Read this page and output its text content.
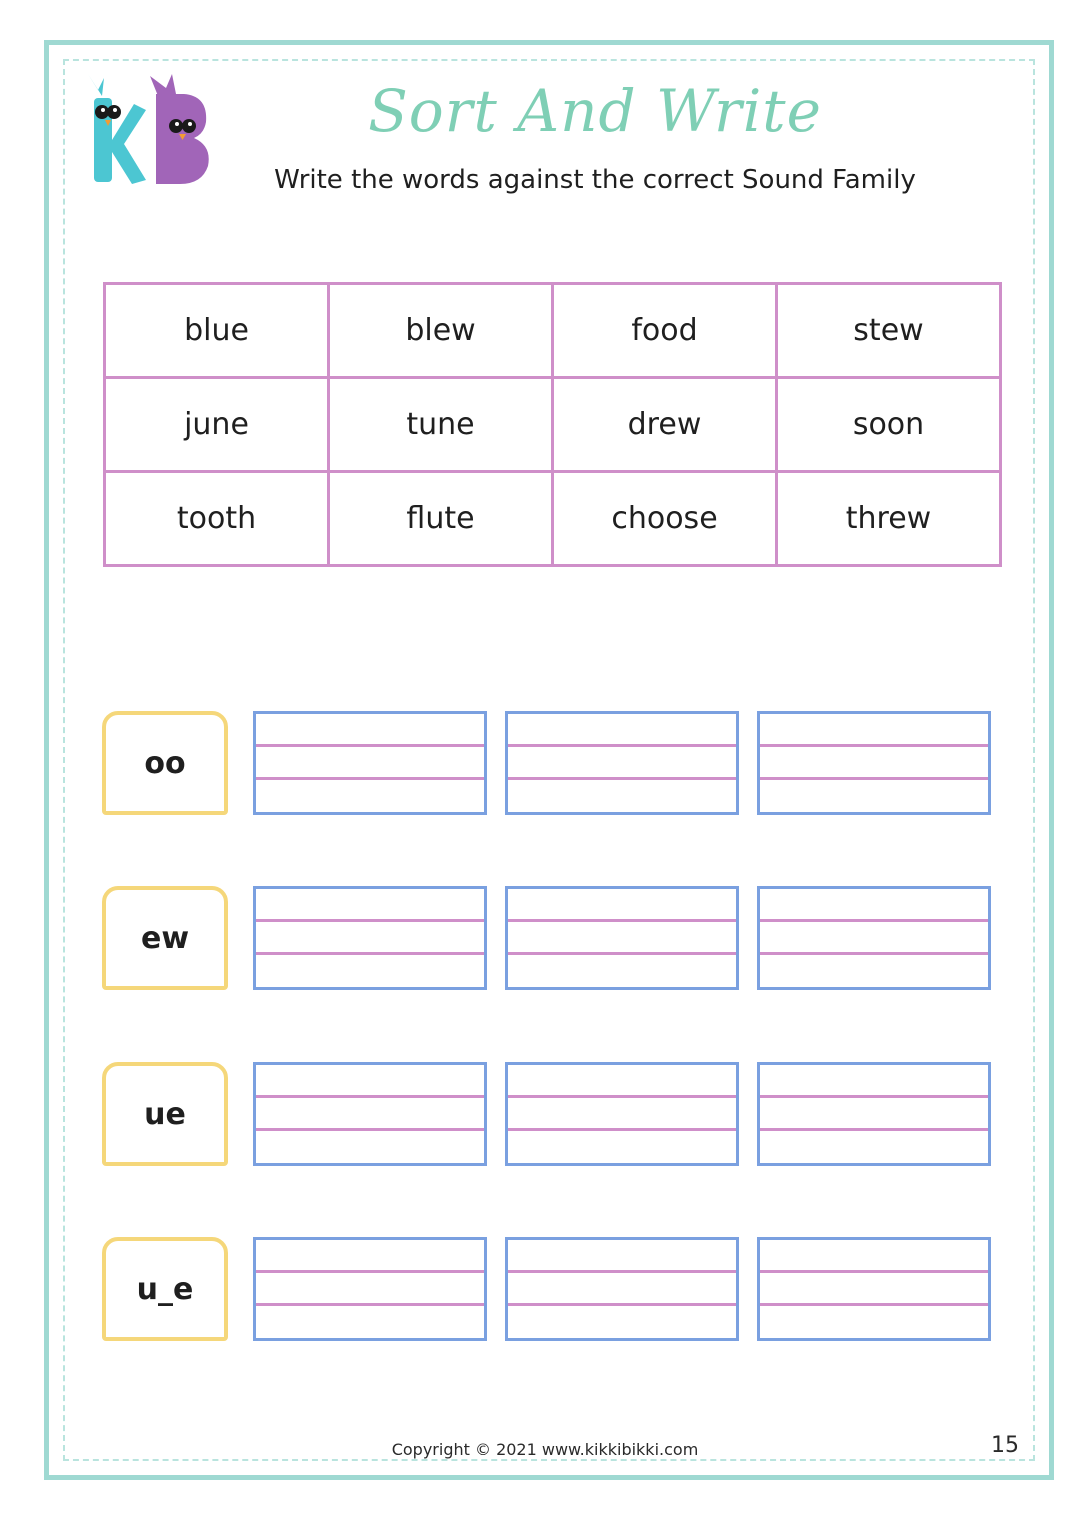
KB
Sort And Write
Write the words against the correct Sound Family
blue	blew	food	stew
june	tune	drew	soon
tooth	flute	choose	threw
oo
ew
ue
u_e
Copyright © 2021 www.kikkibikki.com	15
